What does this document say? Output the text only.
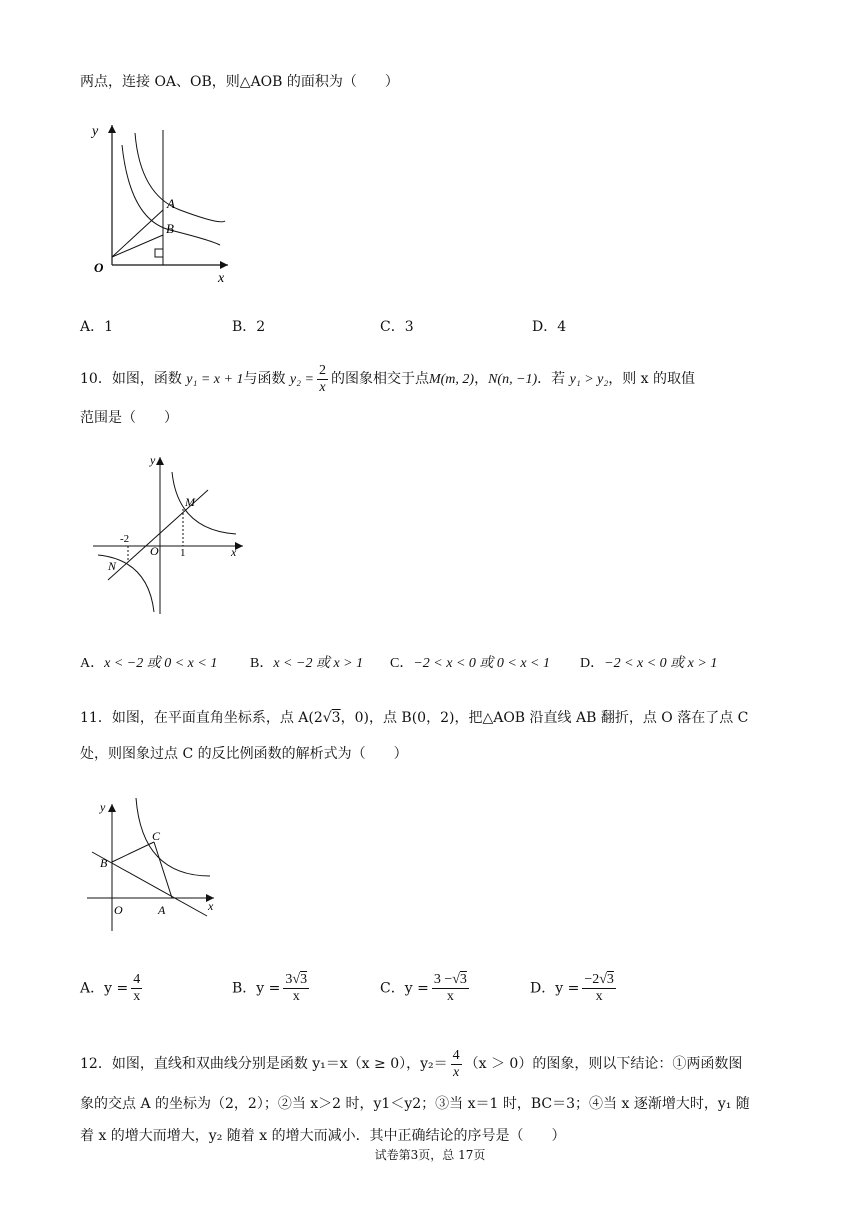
两点，连接 OA、OB，则△AOB 的面积为（　　）
y
x
O
A
B
A．1	B．2	C．3	D．4
10．如图，函数 y₁ = x + 1与函数 $y_2 = \frac{2}{x}$ 的图象相交于点M(m, 2)，N(n, −1)．若 y₁ > y₂，则 x 的取值
范围是（　　）
y
x
O
M
N
-2
1
A．x < −2 或 0 < x < 1 B．x < −2 或 x > 1 C．−2 < x < 0 或 0 < x < 1 D．−2 < x < 0 或 x > 1
11．如图，在平面直角坐标系，点 A(2√3，0)，点 B(0，2)，把△AOB 沿直线 AB 翻折，点 O 落在了点 C
处，则图象过点 C 的反比例函数的解析式为（　　）
y
x
O	A
B
C
A．$y = \frac{4}{x}$	B．$y = \frac{3√3}{x}$	C．$y = \frac{3 -√3}{x}$	D．$y = \frac{-2√3}{x}$
12．如图，直线和双曲线分别是函数 y₁＝x（x ≥ 0），$y_2= \frac{4}{x} (x > 0)$的图象，则以下结论：①两函数图
象的交点 A 的坐标为（2，2）；②当 x＞2 时，y1＜y2；③当 x＝1 时，BC＝3；④当 x 逐渐增大时，y₁ 随
着 x 的增大而增大，y₂ 随着 x 的增大而减小．其中正确结论的序号是（　　）
试卷第3页，总 17页
